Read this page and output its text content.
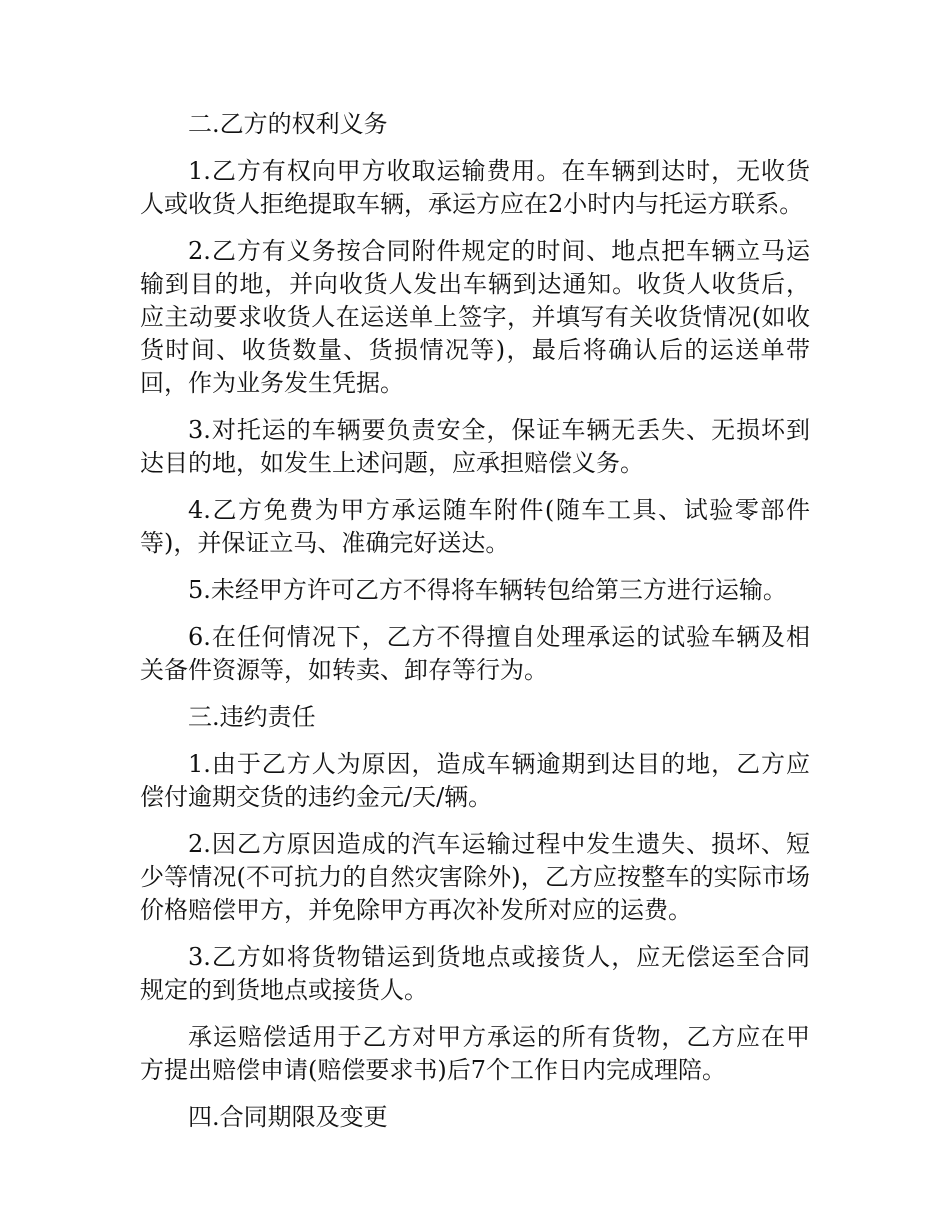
二.乙方的权利义务

1.乙方有权向甲方收取运输费用。在车辆到达时，无收货人或收货人拒绝提取车辆，承运方应在2小时内与托运方联系。

2.乙方有义务按合同附件规定的时间、地点把车辆立马运输到目的地，并向收货人发出车辆到达通知。收货人收货后，应主动要求收货人在运送单上签字，并填写有关收货情况(如收货时间、收货数量、货损情况等)，最后将确认后的运送单带回，作为业务发生凭据。

3.对托运的车辆要负责安全，保证车辆无丢失、无损坏到达目的地，如发生上述问题，应承担赔偿义务。

4.乙方免费为甲方承运随车附件(随车工具、试验零部件等)，并保证立马、准确完好送达。

5.未经甲方许可乙方不得将车辆转包给第三方进行运输。

6.在任何情况下，乙方不得擅自处理承运的试验车辆及相关备件资源等，如转卖、卸存等行为。

三.违约责任

1.由于乙方人为原因，造成车辆逾期到达目的地，乙方应偿付逾期交货的违约金元/天/辆。

2.因乙方原因造成的汽车运输过程中发生遗失、损坏、短少等情况(不可抗力的自然灾害除外)，乙方应按整车的实际市场价格赔偿甲方，并免除甲方再次补发所对应的运费。

3.乙方如将货物错运到货地点或接货人，应无偿运至合同规定的到货地点或接货人。

承运赔偿适用于乙方对甲方承运的所有货物，乙方应在甲方提出赔偿申请(赔偿要求书)后7个工作日内完成理陪。

四.合同期限及变更
